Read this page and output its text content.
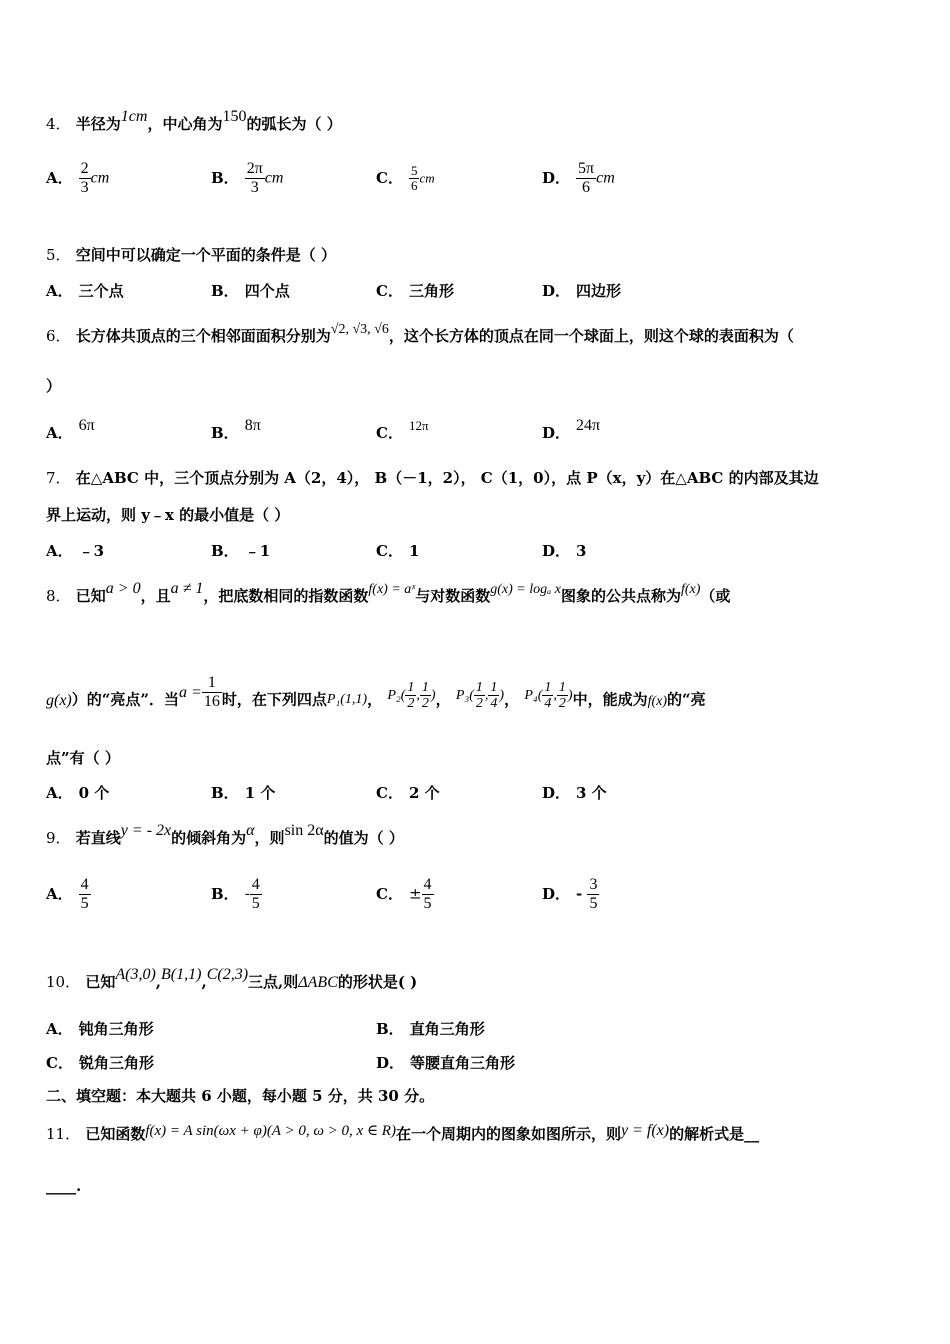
4． 半径为1cm，中心角为150的弧长为（ ）
A． $\frac{2}{3}$ cm	B． $\frac{2\pi}{3}$ cm	C． $\frac{5}{6}$ cm	D． $\frac{5\pi}{6}$ cm
5． 空间中可以确定一个平面的条件是（ ）
A． 三个点	B． 四个点	C． 三角形	D． 四边形
6． 长方体共顶点的三个相邻面面积分别为√2, √3, √6，这个长方体的顶点在同一个球面上，则这个球的表面积为（
）
A． 6π	B． 8π	C． 12π	D． 24π
7． 在△ABC 中，三个顶点分别为 A（2，4）， B（－1，2）， C（1，0），点 P（x，y）在△ABC 的内部及其边
界上运动，则 y﹣x 的最小值是（ ）
A． ﹣3	B． ﹣1	C． 1	D． 3
8． 已知a > 0，且a ≠ 1，把底数相同的指数函数f(x) = aˣ与对数函数g(x) = logₐ x图象的公共点称为f(x)（或
g(x)）的“亮点”．当$a = \frac{1}{16}$ 时，在下列四点P₁(1,1)， $P_2( \frac{1}{2}$ , $\frac{1}{2}$ )， $P_3( \frac{1}{2}$ , $\frac{1}{4}$ )， $P_4( \frac{1}{4}$ , $\frac{1}{2}$ )中，能成为f(x)的“亮
点”有（ ）
A． 0 个	B． 1 个	C． 2 个	D． 3 个
9． 若直线y = - 2x的倾斜角为α，则sin 2α的值为（ ）
A． $\frac{4}{5}$	B． - $\frac{4}{5}$	C． ± $\frac{4}{5}$	D． - $\frac{3}{5}$
10． 已知A(3,0),B(1,1),C(2,3)三点,则ΔABC的形状是( )
A． 钝角三角形	B． 直角三角形
C． 锐角三角形	D． 等腰直角三角形
二、填空题：本大题共 6 小题，每小题 5 分，共 30 分。
11． 已知函数f(x) = A sin(ωx + φ)(A > 0, ω > 0, x ∈ R)在一个周期内的图象如图所示，则y = f(x)的解析式是__
____.
